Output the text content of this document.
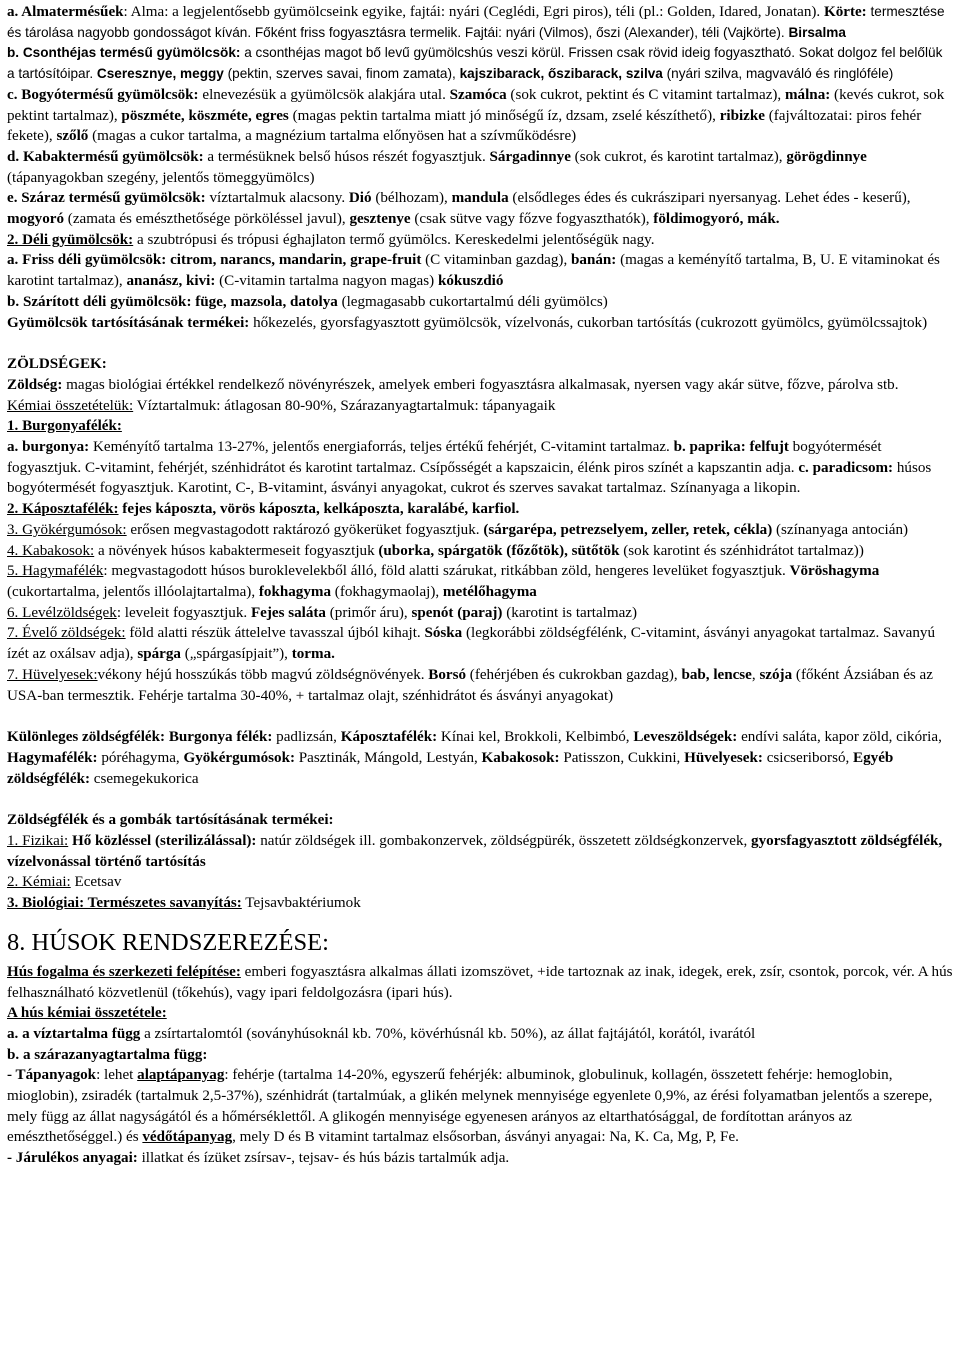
a. Almatermésűek: Alma: a legjelentősebb gyümölcseink egyike, fajtái: nyári (Ceglédi, Egri piros), téli (pl.: Golden, Idared, Jonatan). Körte: termesztése és tárolása nagyobb gondosságot kíván. Főként friss fogyasztásra termelik. Fajtái: nyári (Vilmos), őszi (Alexander), téli (Vajkörte). Birsalma

b. Csonthéjas termésű gyümölcsök: a csonthéjas magot bő levű gyümölcshús veszi körül. Frissen csak rövid ideig fogyasztható. Sokat dolgoz fel belőlük a tartósítóipar. Cseresznye, meggy (pektin, szerves savai, finom zamata), kajszibarack, őszibarack, szilva (nyári szilva, magvaváló és ringlóféle)

c. Bogyótermésű gyümölcsök: elnevezésük a gyümölcsök alakjára utal. Szamóca (sok cukrot, pektint és C vitamint tartalmaz), málna: (kevés cukrot, sok pektint tartalmaz), pöszméte, köszméte, egres (magas pektin tartalma miatt jó minőségű íz, dzsam, zselé készíthető), ribizke (fajváltozatai: piros fehér fekete), szőlő (magas a cukor tartalma, a magnézium tartalma előnyösen hat a szívműködésre)

d. Kabaktermésű gyümölcsök: a termésüknek belső húsos részét fogyasztjuk. Sárgadinnye (sok cukrot, és karotint tartalmaz), görögdinnye (tápanyagokban szegény, jelentős tömeggyümölcs)

e. Száraz termésű gyümölcsök: víztartalmuk alacsony. Dió (bélhozam), mandula (elsődleges édes és cukrászipari nyersanyag. Lehet édes - keserű), mogyoró (zamata és emészthetősége pörköléssel javul), gesztenye (csak sütve vagy főzve fogyaszthatók), földimogyoró, mák.

2. Déli gyümölcsök: a szubtrópusi és trópusi éghajlaton termő gyümölcs. Kereskedelmi jelentőségük nagy.

a. Friss déli gyümölcsök: citrom, narancs, mandarin, grape-fruit (C vitaminban gazdag), banán: (magas a keményítő tartalma, B, U. E vitaminokat és karotint tartalmaz), ananász, kivi: (C-vitamin tartalma nagyon magas) kókuszdió

b. Szárított déli gyümölcsök: füge, mazsola, datolya (legmagasabb cukortartalmú déli gyümölcs)

Gyümölcsök tartósításának termékei: hőkezelés, gyorsfagyasztott gyümölcsök, vízelvonás, cukorban tartósítás (cukrozott gyümölcs, gyümölcssajtok)

ZÖLDSÉGEK:

Zöldség: magas biológiai értékkel rendelkező növényrészek, amelyek emberi fogyasztásra alkalmasak, nyersen vagy akár sütve, főzve, párolva stb.

Kémiai összetételük: Víztartalmuk: átlagosan 80-90%, Szárazanyagtartalmuk: tápanyagaik

1. Burgonyafélék:

a. burgonya: Keményítő tartalma 13-27%, jelentős energiaforrás, teljes értékű fehérjét, C-vitamint tartalmaz. b. paprika: felfujt bogyótermését fogyasztjuk. C-vitamint, fehérjét, szénhidrátot és karotint tartalmaz. Csípősségét a kapszaicin, élénk piros színét a kapszantin adja. c. paradicsom: húsos bogyótermését fogyasztjuk. Karotint, C-, B-vitamint, ásványi anyagokat, cukrot és szerves savakat tartalmaz. Színanyaga a likopin.

2. Káposztafélék: fejes káposzta, vörös káposzta, kelkáposzta, karalábé, karfiol.

3. Gyökérgumósok: erősen megvastagodott raktározó gyökerüket fogyasztjuk. (sárgarépa, petrezselyem, zeller, retek, cékla) (színanyaga antocián)

4. Kabakosok: a növények húsos kabaktermeseit fogyasztjuk (uborka, spárgatök (főzőtök), sütőtök (sok karotint és szénhidrátot tartalmaz))

5. Hagymafélék: megvastagodott húsos buroklevelekből álló, föld alatti szárukat, ritkábban zöld, hengeres levelüket fogyasztjuk. Vöröshagyma (cukortartalma, jelentős illóolajtartalma), fokhagyma (fokhagymaolaj), metélőhagyma

6. Levélzöldségek: leveleit fogyasztjuk. Fejes saláta (primőr áru), spenót (paraj) (karotint is tartalmaz)

7. Évelő zöldségek: föld alatti részük áttelelve tavasszal újból kihajt. Sóska (legkorábbi zöldségfélénk, C-vitamint, ásványi anyagokat tartalmaz. Savanyú ízét az oxálsav adja), spárga („spárgasípjait”), torma.

7. Hüvelyesek:vékony héjú hosszúkás több magvú zöldségnövények. Borsó (fehérjében és cukrokban gazdag), bab, lencse, szója (főként Ázsiában és az USA-ban termesztik. Fehérje tartalma 30-40%, + tartalmaz olajt, szénhidrátot és ásványi anyagokat)

Különleges zöldségfélék: Burgonya félék: padlizsán, Káposztafélék: Kínai kel, Brokkoli, Kelbimbó, Leveszöldségek: endívi saláta, kapor zöld, cikória, Hagymafélék: póréhagyma, Gyökérgumósok: Pasztinák, Mángold, Lestyán, Kabakosok: Patisszon, Cukkini, Hüvelyesek: csicseriborsó, Egyéb zöldségfélék: csemegekukorica

Zöldségfélék és a gombák tartósításának termékei:

1. Fizikai: Hő közléssel (sterilizálással): natúr zöldségek ill. gombakonzervek, zöldségpürék, összetett zöldségkonzervek, gyorsfagyasztott zöldségfélék, vízelvonással történő tartósítás

2. Kémiai: Ecetsav

3. Biológiai: Természetes savanyítás: Tejsavbaktériumok

8. HÚSOK RENDSZEREZÉSE:

Hús fogalma és szerkezeti felépítése: emberi fogyasztásra alkalmas állati izomszövet, +ide tartoznak az inak, idegek, erek, zsír, csontok, porcok, vér. A hús felhasználható közvetlenül (tőkehús), vagy ipari feldolgozásra (ipari hús).

A hús kémiai összetétele:

a. a víztartalma függ a zsírtartalomtól (soványhúsoknál kb. 70%, kövérhúsnál kb. 50%), az állat fajtájától, korától, ivarától

b. a szárazanyagtartalma függ:

- Tápanyagok: lehet alaptápanyag: fehérje (tartalma 14-20%, egyszerű fehérjék: albuminok, globulinuk, kollagén, összetett fehérje: hemoglobin, mioglobin), zsiradék (tartalmuk 2,5-37%), szénhidrát (tartalmúak, a glikén melynek mennyisége egyenlete 0,9%, az érési folyamatban jelentős a szerepe, mely függ az állat nagyságától és a hőmérséklettől. A glikogén mennyisége egyenesen arányos az eltarthatósággal, de fordítottan arányos az emészthetőséggel.) és védőtápanyag, mely D és B vitamint tartalmaz elsősorban, ásványi anyagai: Na, K. Ca, Mg, P, Fe.

- Járulékos anyagai: illatkat és ízüket zsírsav-, tejsav- és hús bázis tartalmúk adja.
